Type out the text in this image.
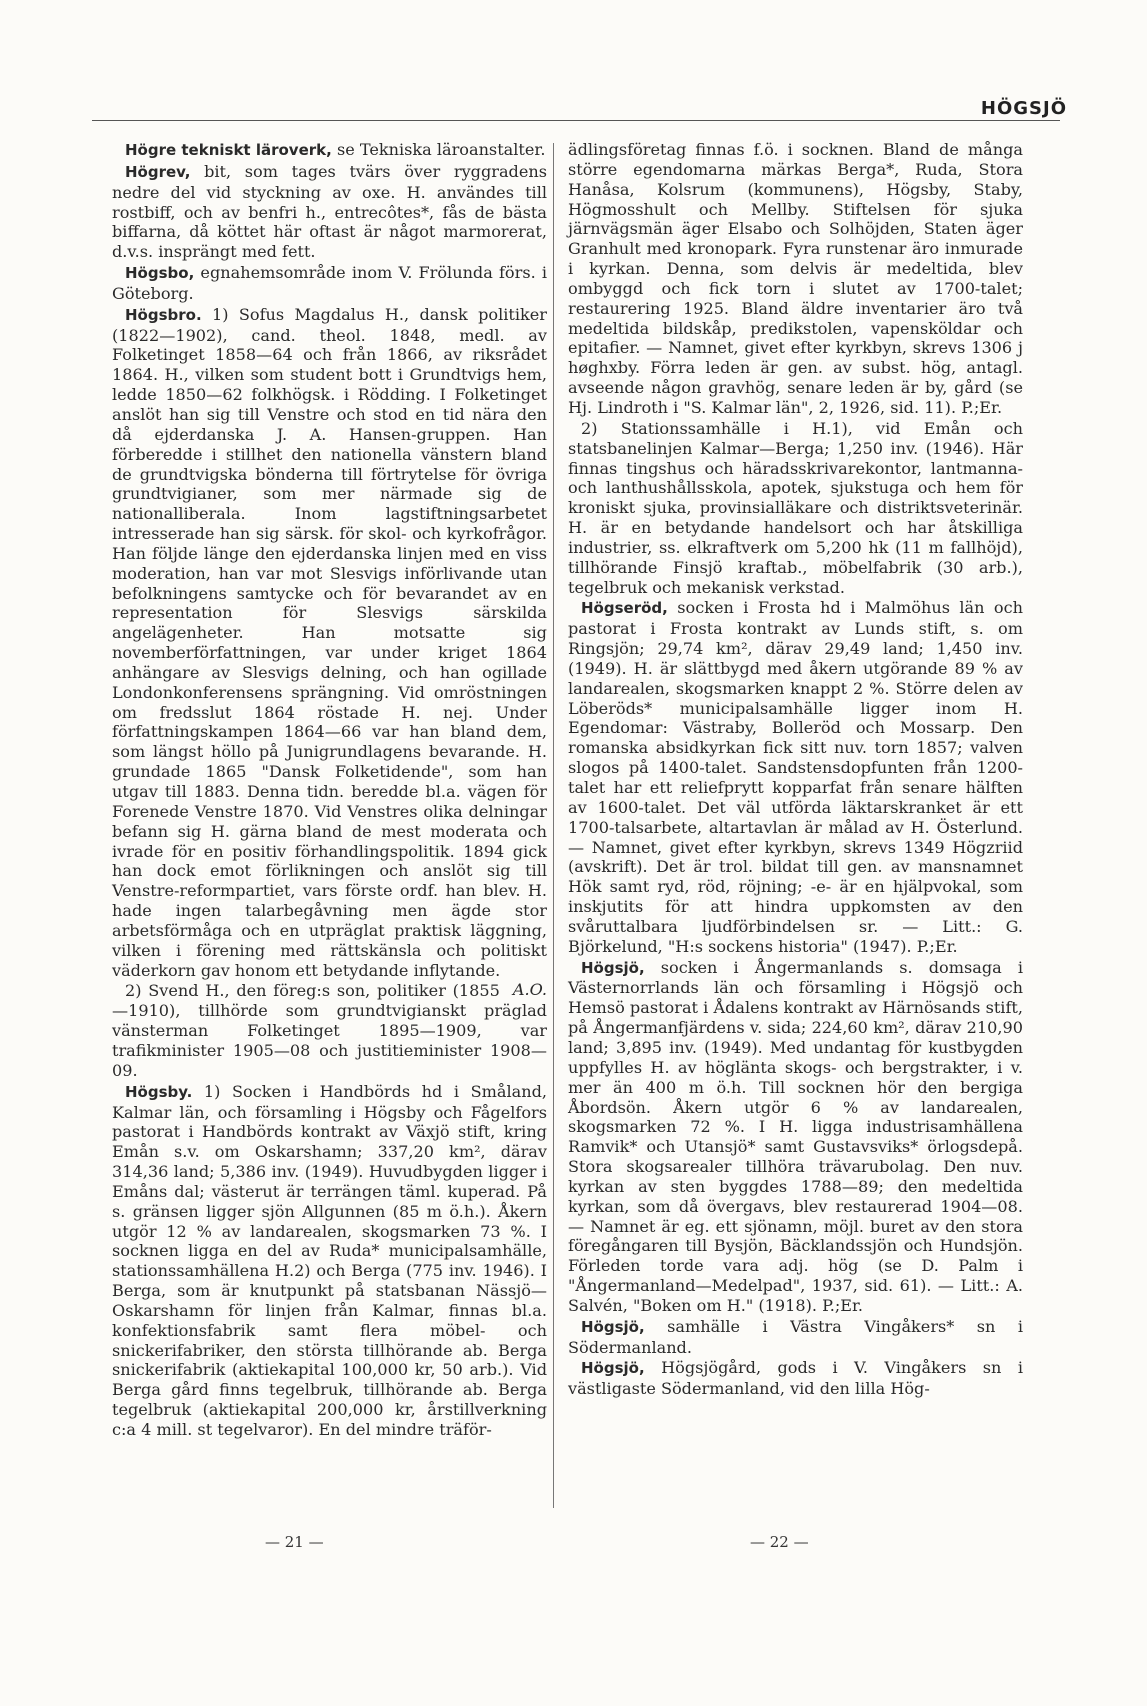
HÖGSJÖ

Högre tekniskt läroverk, se Tekniska läroanstalter.

Högrev, bit, som tages tvärs över ryggradens nedre del vid styckning av oxe. H. användes till rostbiff, och av benfri h., entrecôtes*, fås de bästa biffarna, då köttet här oftast är något marmorerat, d.v.s. insprängt med fett.

Högsbo, egnahemsområde inom V. Frölunda förs. i Göteborg.

Högsbro. 1) Sofus Magdalus H., dansk politiker (1822—1902), cand. theol. 1848, medl. av Folketinget 1858—64 och från 1866, av riksrådet 1864. H., vilken som student bott i Grundtvigs hem, ledde 1850—62 folkhögsk. i Rödding. I Folketinget anslöt han sig till Venstre och stod en tid nära den då ejderdanska J. A. Hansen-gruppen. Han förberedde i stillhet den nationella vänstern bland de grundtvigska bönderna till förtrytelse för övriga grundtvigianer, som mer närmade sig de nationalliberala. Inom lagstiftningsarbetet intresserade han sig särsk. för skol- och kyrkofrågor. Han följde länge den ejderdanska linjen med en viss moderation, han var mot Slesvigs införlivande utan befolkningens samtycke och för bevarandet av en representation för Slesvigs särskilda angelägenheter. Han motsatte sig novemberförfattningen, var under kriget 1864 anhängare av Slesvigs delning, och han ogillade Londonkonferensens sprängning. Vid omröstningen om fredsslut 1864 röstade H. nej. Under författningskampen 1864—66 var han bland dem, som längst höllo på Junigrundlagens bevarande. H. grundade 1865 "Dansk Folketidende", som han utgav till 1883. Denna tidn. beredde bl.a. vägen för Forenede Venstre 1870. Vid Venstres olika delningar befann sig H. gärna bland de mest moderata och ivrade för en positiv förhandlingspolitik. 1894 gick han dock emot förlikningen och anslöt sig till Venstre-reformpartiet, vars förste ordf. han blev. H. hade ingen talarbegåvning men ägde stor arbetsförmåga och en utpräglat praktisk läggning, vilken i förening med rättskänsla och politiskt väderkorn gav honom ett betydande inflytande.
A.O.

2) Svend H., den föreg:s son, politiker (1855—1910), tillhörde som grundtvigianskt präglad vänsterman Folketinget 1895—1909, var trafikminister 1905—08 och justitieminister 1908—09.

Högsby. 1) Socken i Handbörds hd i Småland, Kalmar län, och församling i Högsby och Fågelfors pastorat i Handbörds kontrakt av Växjö stift, kring Emån s.v. om Oskarshamn; 337,20 km², därav 314,36 land; 5,386 inv. (1949). Huvudbygden ligger i Emåns dal; västerut är terrängen täml. kuperad. På s. gränsen ligger sjön Allgunnen (85 m ö.h.). Åkern utgör 12 % av landarealen, skogsmarken 73 %. I socknen ligga en del av Ruda* municipalsamhälle, stationssamhällena H.2) och Berga (775 inv. 1946). I Berga, som är knutpunkt på statsbanan Nässjö—Oskarshamn för linjen från Kalmar, finnas bl.a. konfektionsfabrik samt flera möbel- och snickerifabriker, den största tillhörande ab. Berga snickerifabrik (aktiekapital 100,000 kr, 50 arb.). Vid Berga gård finns tegelbruk, tillhörande ab. Berga tegelbruk (aktiekapital 200,000 kr, årstillverkning c:a 4 mill. st tegelvaror). En del mindre träför-

ädlingsföretag finnas f.ö. i socknen. Bland de många större egendomarna märkas Berga*, Ruda, Stora Hanåsa, Kolsrum (kommunens), Högsby, Staby, Högmosshult och Mellby. Stiftelsen för sjuka järnvägsmän äger Elsabo och Solhöjden, Staten äger Granhult med kronopark. Fyra runstenar äro inmurade i kyrkan. Denna, som delvis är medeltida, blev ombyggd och fick torn i slutet av 1700-talet; restaurering 1925. Bland äldre inventarier äro två medeltida bildskåp, predikstolen, vapensköldar och epitafier. — Namnet, givet efter kyrkbyn, skrevs 1306 j høghxby. Förra leden är gen. av subst. hög, antagl. avseende någon gravhög, senare leden är by, gård (se Hj. Lindroth i "S. Kalmar län", 2, 1926, sid. 11). P.;Er.

2) Stationssamhälle i H.1), vid Emån och statsbanelinjen Kalmar—Berga; 1,250 inv. (1946). Här finnas tingshus och häradsskrivarekontor, lantmanna- och lanthushållsskola, apotek, sjukstuga och hem för kroniskt sjuka, provinsialläkare och distriktsveterinär. H. är en betydande handelsort och har åtskilliga industrier, ss. elkraftverk om 5,200 hk (11 m fallhöjd), tillhörande Finsjö kraftab., möbelfabrik (30 arb.), tegelbruk och mekanisk verkstad.

Högseröd, socken i Frosta hd i Malmöhus län och pastorat i Frosta kontrakt av Lunds stift, s. om Ringsjön; 29,74 km², därav 29,49 land; 1,450 inv. (1949). H. är slättbygd med åkern utgörande 89 % av landarealen, skogsmarken knappt 2 %. Större delen av Löberöds* municipalsamhälle ligger inom H. Egendomar: Västraby, Bolleröd och Mossarp. Den romanska absidkyrkan fick sitt nuv. torn 1857; valven slogos på 1400-talet. Sandstensdopfunten från 1200-talet har ett reliefprytt kopparfat från senare hälften av 1600-talet. Det väl utförda läktarskranket är ett 1700-talsarbete, altartavlan är målad av H. Österlund. — Namnet, givet efter kyrkbyn, skrevs 1349 Högzriid (avskrift). Det är trol. bildat till gen. av mansnamnet Hök samt ryd, röd, röjning; -e- är en hjälpvokal, som inskjutits för att hindra uppkomsten av den svåruttalbara ljudförbindelsen sr. — Litt.: G. Björkelund, "H:s sockens historia" (1947). P.;Er.

Högsjö, socken i Ångermanlands s. domsaga i Västernorrlands län och församling i Högsjö och Hemsö pastorat i Ådalens kontrakt av Härnösands stift, på Ångermanfjärdens v. sida; 224,60 km², därav 210,90 land; 3,895 inv. (1949). Med undantag för kustbygden uppfylles H. av höglänta skogs- och bergstrakter, i v. mer än 400 m ö.h. Till socknen hör den bergiga Åbordsön. Åkern utgör 6 % av landarealen, skogsmarken 72 %. I H. ligga industrisamhällena Ramvik* och Utansjö* samt Gustavsviks* örlogsdepå. Stora skogsarealer tillhöra trävarubolag. Den nuv. kyrkan av sten byggdes 1788—89; den medeltida kyrkan, som då övergavs, blev restaurerad 1904—08. — Namnet är eg. ett sjönamn, möjl. buret av den stora föregångaren till Bysjön, Bäcklandssjön och Hundsjön. Förleden torde vara adj. hög (se D. Palm i "Ångermanland—Medelpad", 1937, sid. 61). — Litt.: A. Salvén, "Boken om H." (1918). P.;Er.

Högsjö, samhälle i Västra Vingåkers* sn i Södermanland.

Högsjö, Högsjögård, gods i V. Vingåkers sn i västligaste Södermanland, vid den lilla Hög-

— 21 —	— 22 —
